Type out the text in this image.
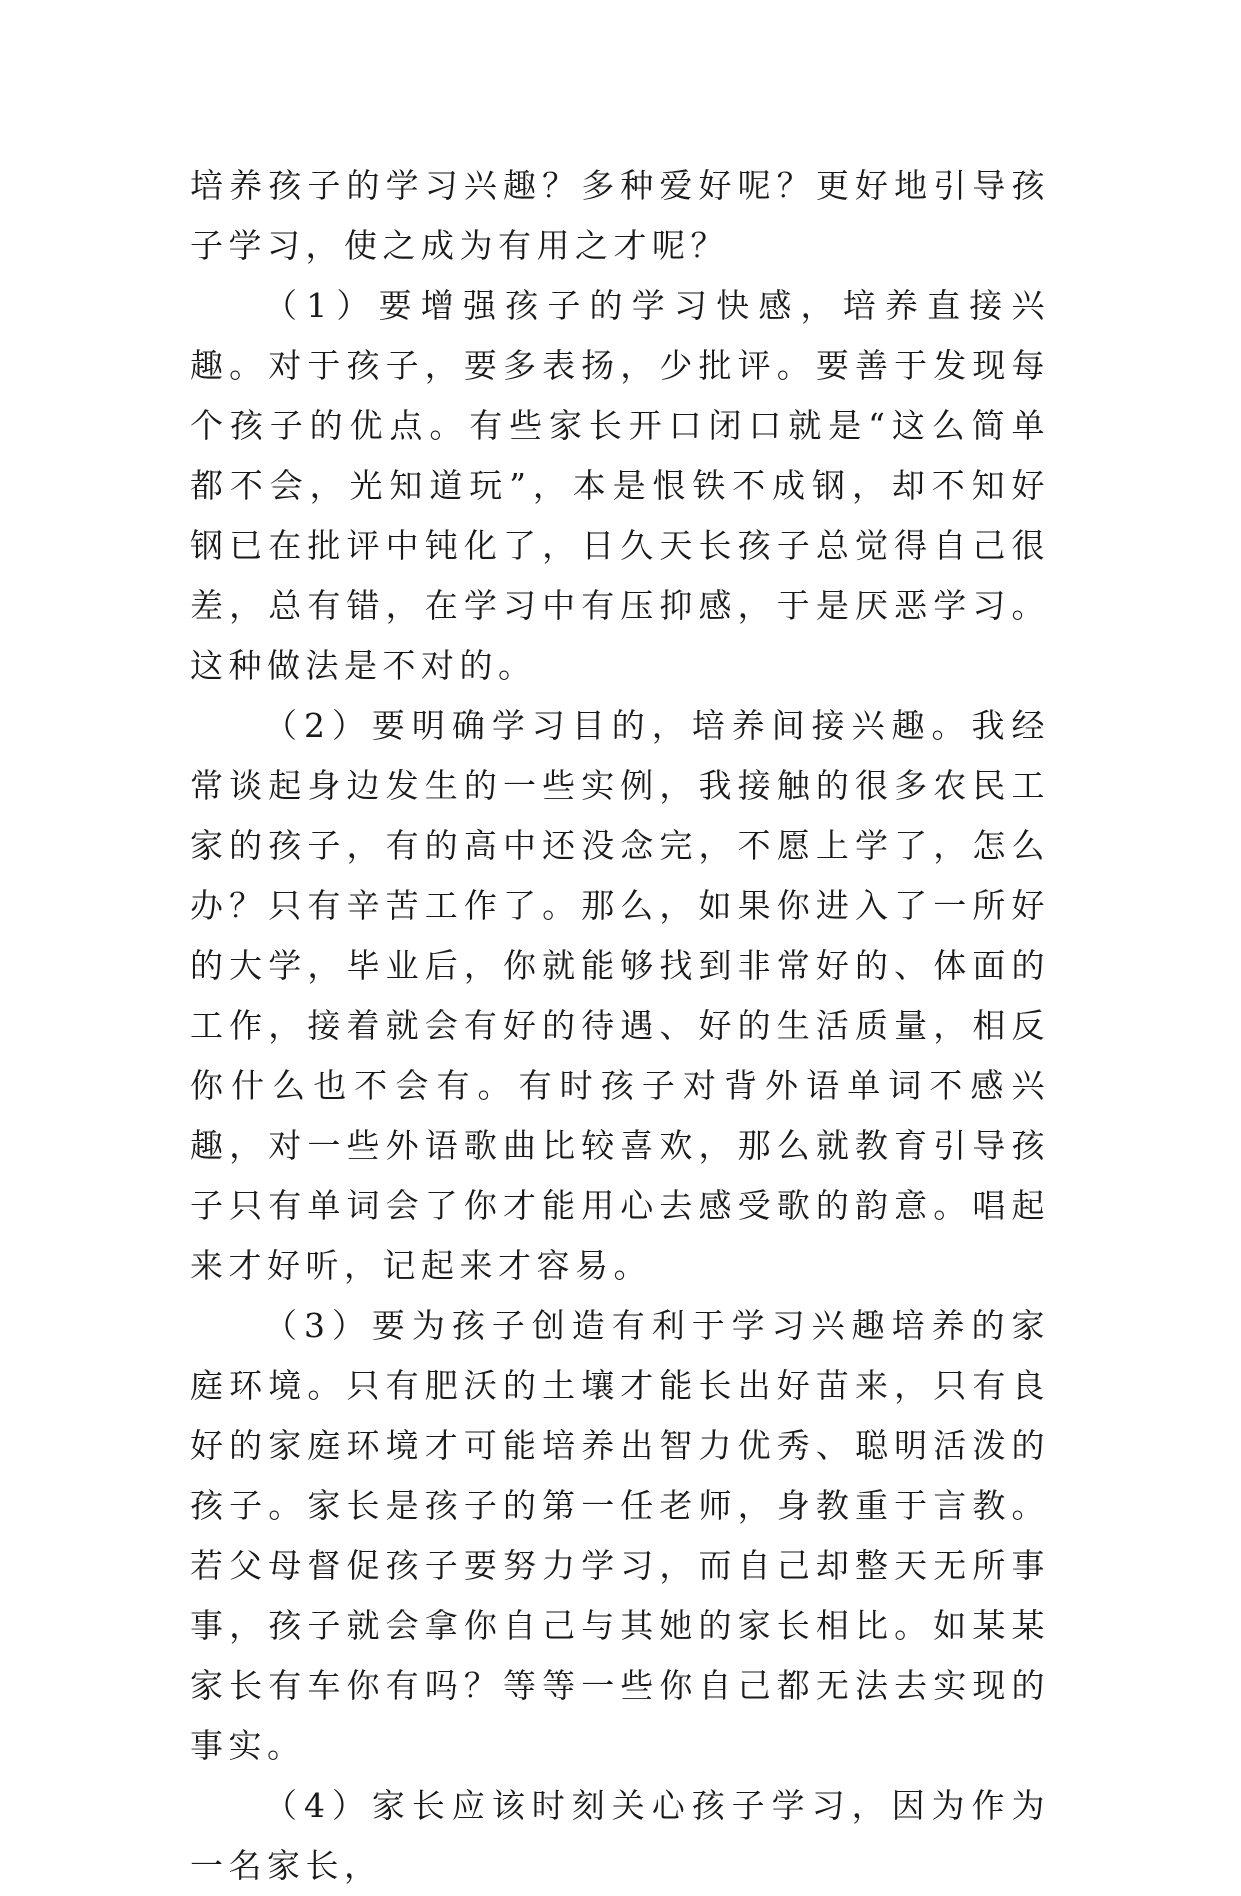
培养孩子的学习兴趣？多种爱好呢？更好地引导孩子学习，使之成为有用之才呢？

（1）要增强孩子的学习快感，培养直接兴趣。对于孩子，要多表扬，少批评。要善于发现每个孩子的优点。有些家长开口闭口就是“这么简单都不会，光知道玩”，本是恨铁不成钢，却不知好钢已在批评中钝化了，日久天长孩子总觉得自己很差，总有错，在学习中有压抑感，于是厌恶学习。这种做法是不对的。

（2）要明确学习目的，培养间接兴趣。我经常谈起身边发生的一些实例，我接触的很多农民工家的孩子，有的高中还没念完，不愿上学了，怎么办？只有辛苦工作了。那么，如果你进入了一所好的大学，毕业后，你就能够找到非常好的、体面的工作，接着就会有好的待遇、好的生活质量，相反你什么也不会有。有时孩子对背外语单词不感兴趣，对一些外语歌曲比较喜欢，那么就教育引导孩子只有单词会了你才能用心去感受歌的韵意。唱起来才好听，记起来才容易。

（3）要为孩子创造有利于学习兴趣培养的家庭环境。只有肥沃的土壤才能长出好苗来，只有良好的家庭环境才可能培养出智力优秀、聪明活泼的孩子。家长是孩子的第一任老师，身教重于言教。若父母督促孩子要努力学习，而自己却整天无所事事，孩子就会拿你自己与其她的家长相比。如某某家长有车你有吗？等等一些你自己都无法去实现的事实。

（4）家长应该时刻关心孩子学习，因为作为一名家长，
